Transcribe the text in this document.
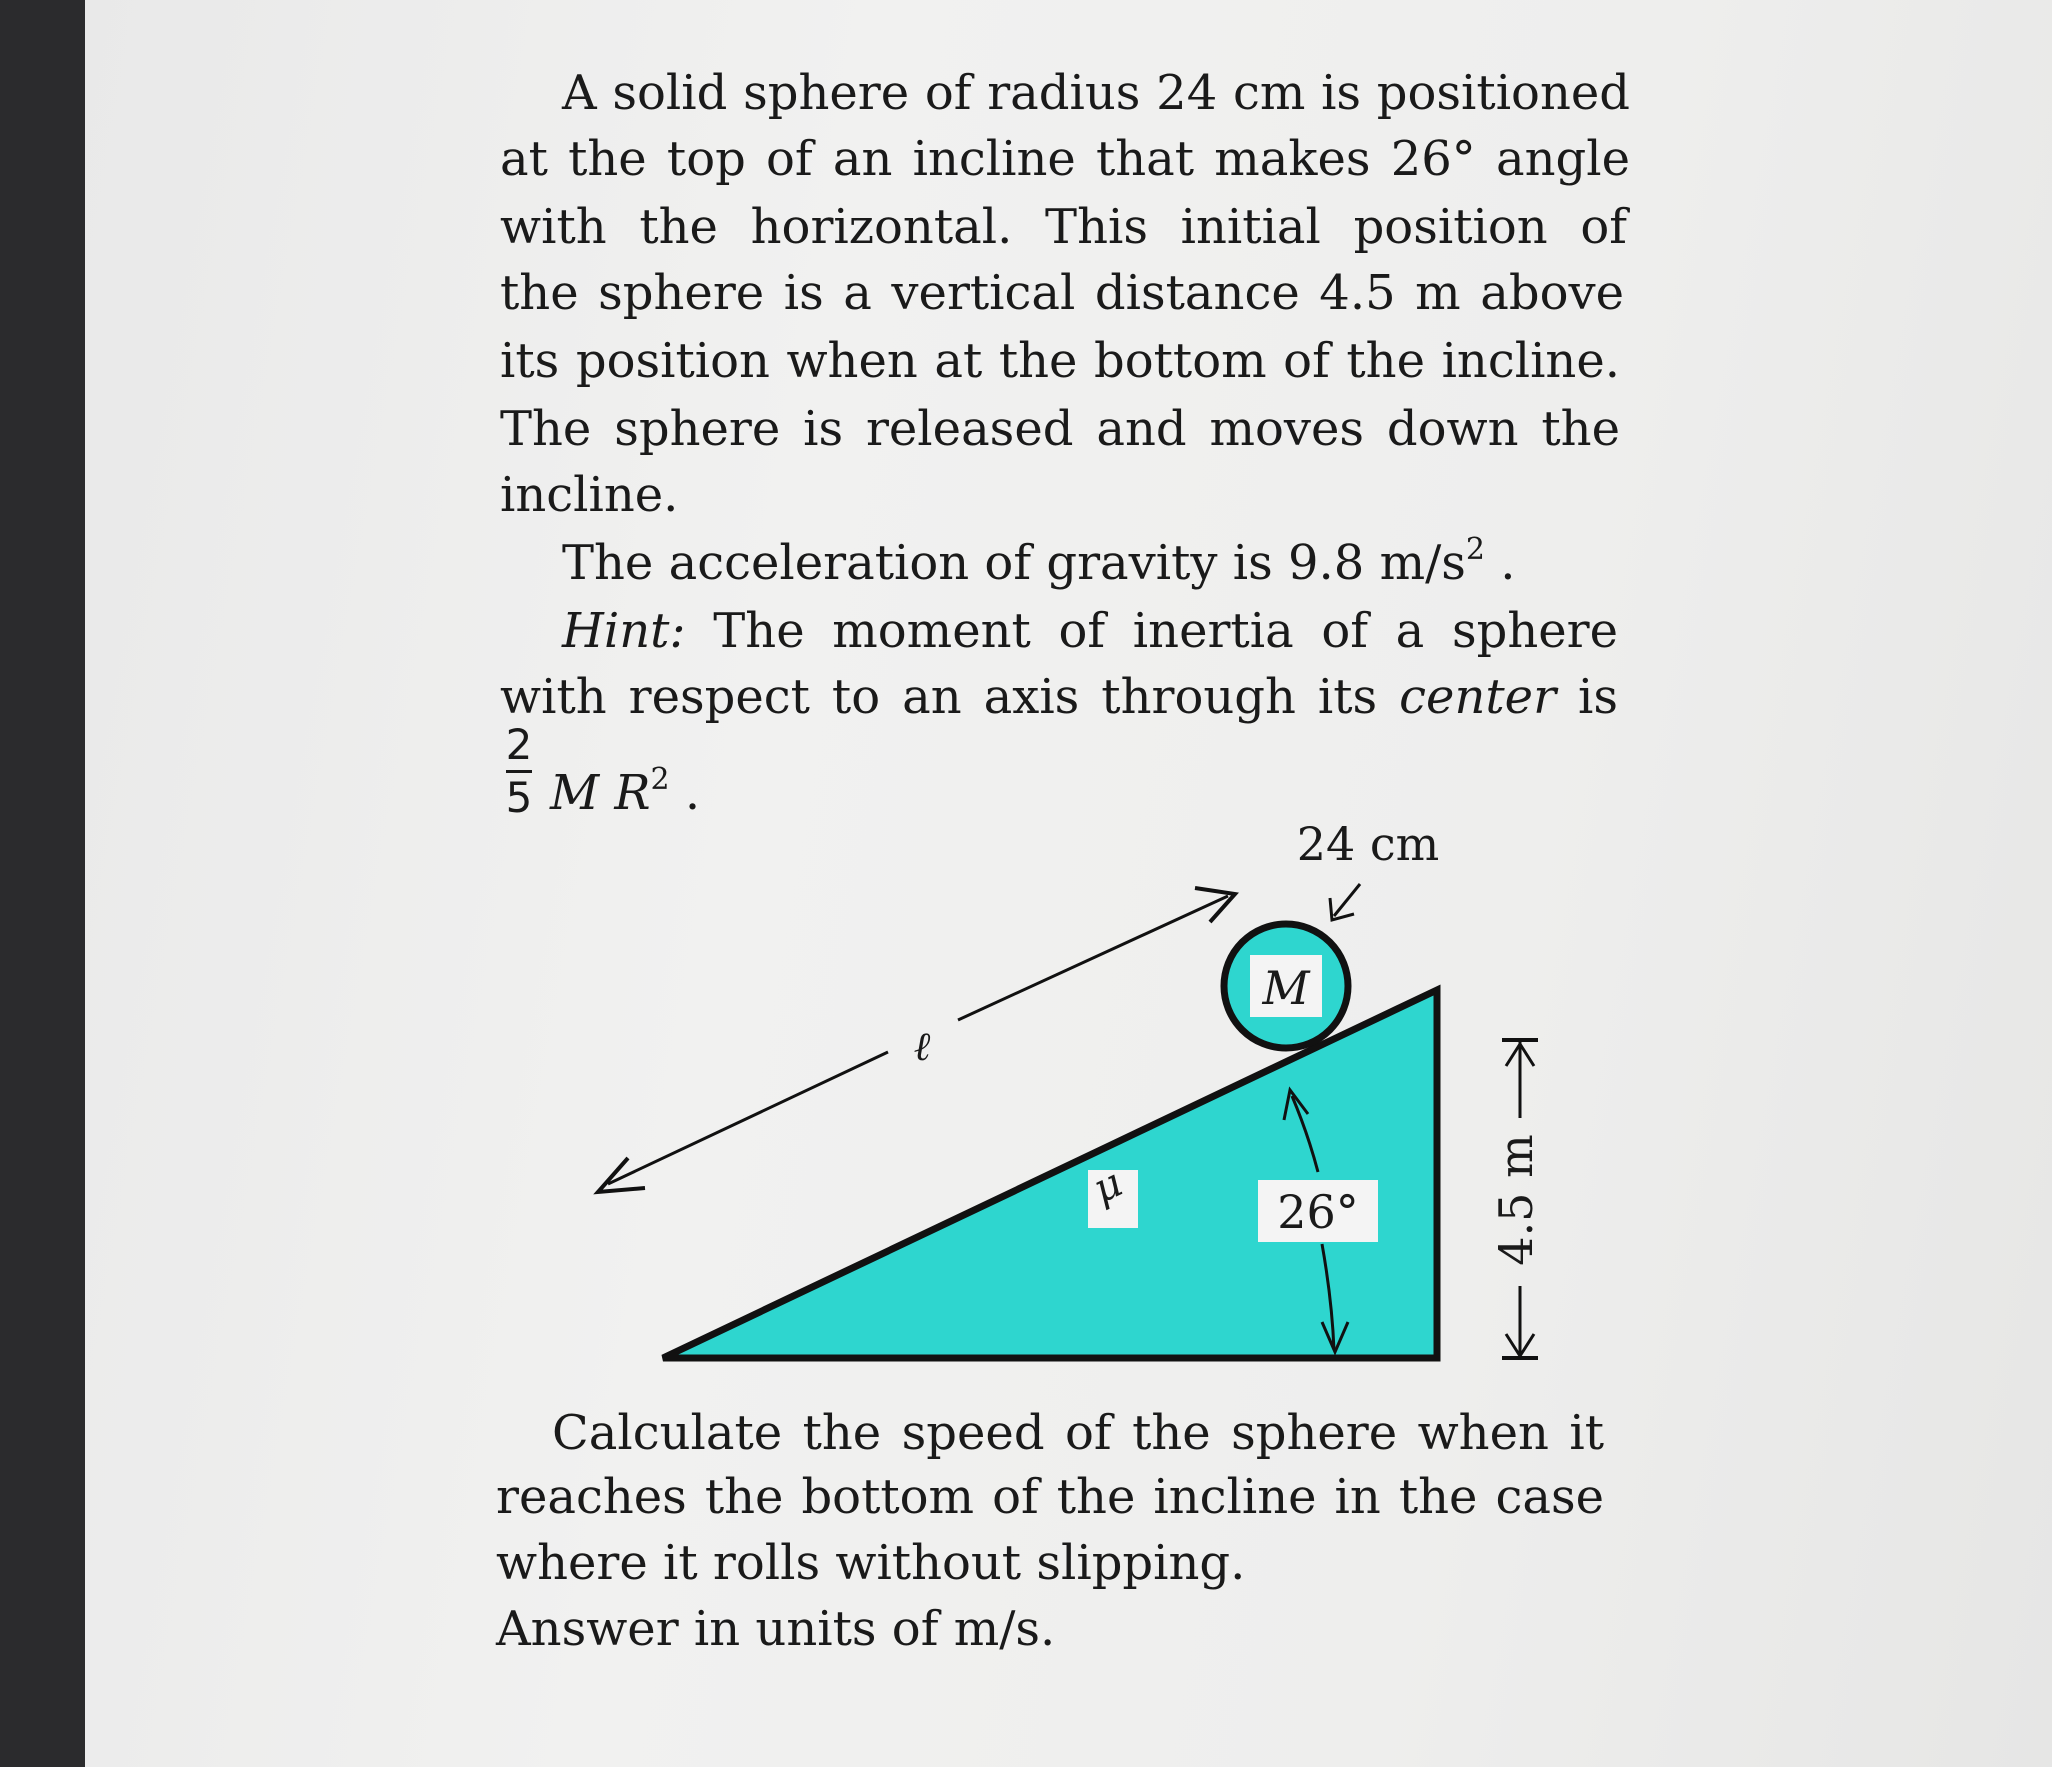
A solid sphere of radius 24 cm is positioned
at the top of an incline that makes 26° angle
with the horizontal. This initial position of
the sphere is a vertical distance 4.5 m above
its position when at the bottom of the incline.
The sphere is released and moves down the
incline.
The acceleration of gravity is 9.8 $m/s^2$ .
Hint: The moment of inertia of a sphere
with respect to an axis through its center is
2
5 M $R^2$ .
ℓ
M
24 cm
μ	26°	4.5 m
Calculate the speed of the sphere when it
reaches the bottom of the incline in the case
where it rolls without slipping.
Answer in units of m/s.
